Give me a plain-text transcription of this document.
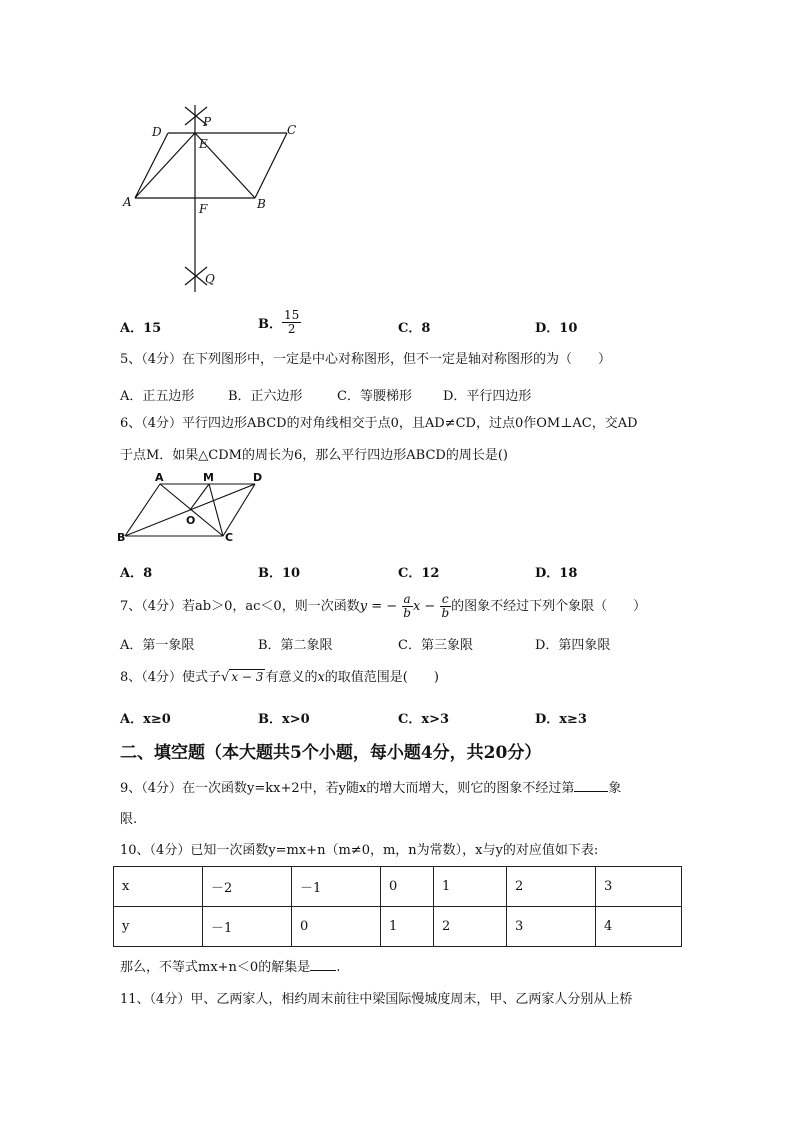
P
D	C
E
A	F	B
Q
A．15	B． $\frac{15}{2}$	C．8	D．10
5、（4分）在下列图形中，一定是中心对称图形，但不一定是轴对称图形的为（　　）
A．正五边形	B．正六边形	C．等腰梯形 D．平行四边形
6、（4分）平行四边形ABCD的对角线相交于点0，且AD≠CD，过点0作OM⊥AC，交AD
于点M．如果△CDM的周长为6，那么平行四边形ABCD的周长是()
A	M	D
O
B	C
A．8	B．10	C．12	D．18
7、（4分）若ab＞0，ac＜0，则一次函数y = − $\frac{a}{b}$ $x - \frac{c}{b}$ 的图象不经过下列个象限（　　）
A．第一象限	B．第二象限	C．第三象限	D．第四象限
8、（4分）使式子√ x − 3 有意义的x的取值范围是(　　)
A．x≥0	B．x>0	C．x>3	D．x≥3
二、填空题（本大题共5个小题，每小题4分，共20分）
9、（4分）在一次函数y=kx+2中，若y随x的增大而增大，则它的图象不经过第	象
限.
10、（4分）已知一次函数y=mx+n（m≠0，m，n为常数），x与y的对应值如下表:
x	－2	－1	0	1	2	3
y	－1	0	1	2	3	4
那么，不等式mx+n＜0的解集是 .
11、（4分）甲、乙两家人，相约周末前往中梁国际慢城度周末，甲、乙两家人分别从上桥
